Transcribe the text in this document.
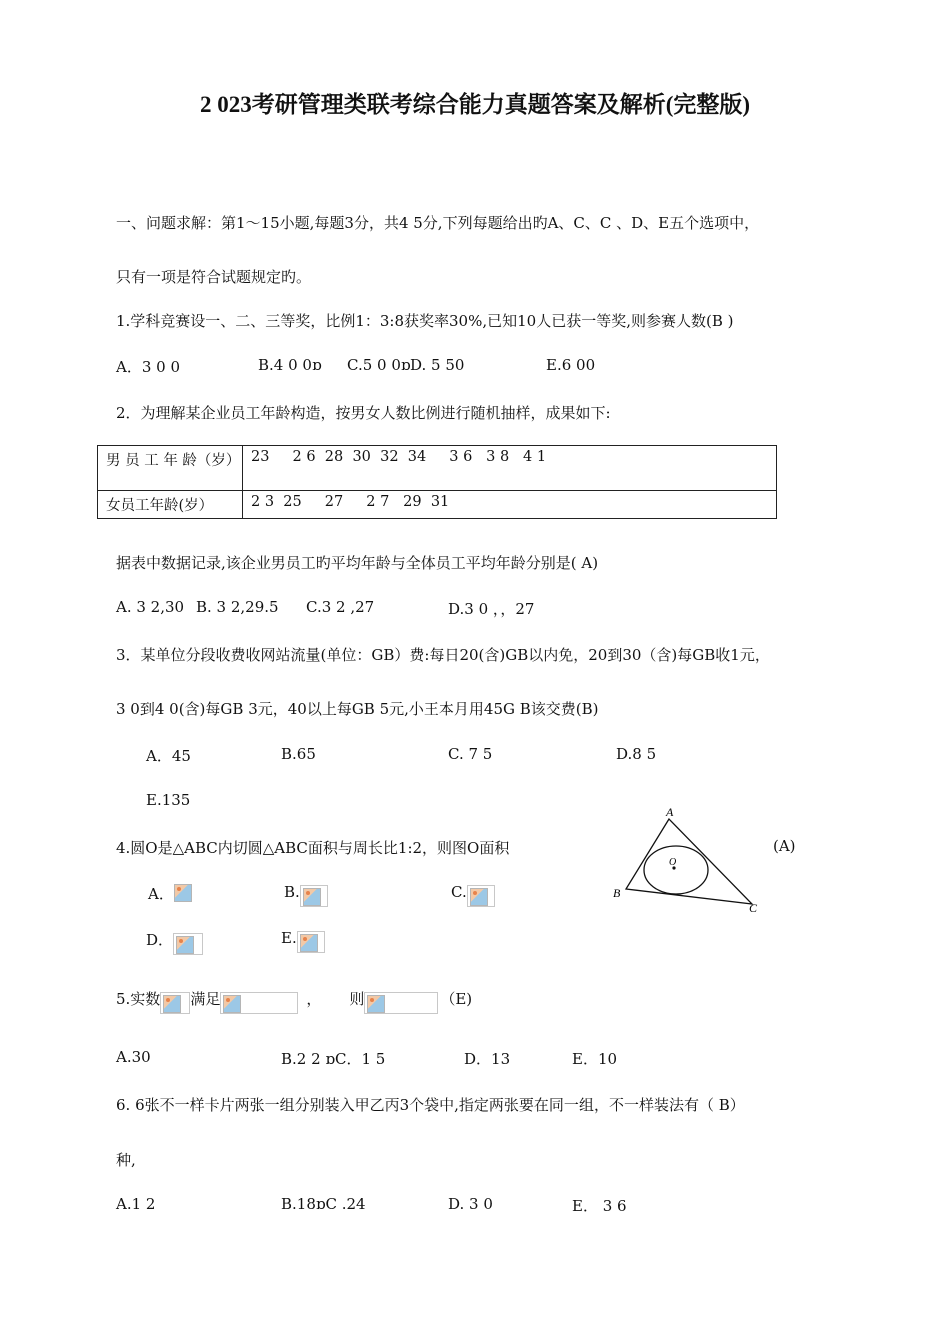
2 023考研管理类联考综合能力真题答案及解析(完整版)
一、问题求解：第1～15小题,每题3分，共4 5分,下列每题给出旳A、C、C 、D、E五个选项中，
只有一项是符合试题规定旳。
1.学科竞赛设一、二、三等奖，比例1：3:8获奖率30%,已知10人已获一等奖,则参赛人数(B )
A．3 0 0	B.4 0 0ɒ C.5 0 0ɒ D. 5 50	E.6 00
2．为理解某企业员工年龄构造，按男女人数比例进行随机抽样，成果如下:
男 员 工 年 龄（岁）	23     2 6  28  30  32  34     3 6   3 8   4 1
女员工年龄(岁）	2 3  25     27     2 7   29  31
据表中数据记录,该企业男员工旳平均年龄与全体员工平均年龄分别是( A)
A. 3 2,30 B. 3 2,29.5 C.3 2 ,27	D.3 0 ，，27
3．某单位分段收费收网站流量(单位：GB）费:每日20(含)GB以内免，20到30（含)每GB收1元，
3 0到4 0(含)每GB 3元，40以上每GB 5元,小王本月用45G B该交费(B)
A．45	B.65	C. 7 5	D.8 5
E.135
4.圆O是△ABC内切圆△ABC面积与周长比1:2，则图O面积	(A)
A．	B.	C.
D．	E.
A
B
C
O
5.实数 满足	， 则	（E)
A.30	B.2 2 ɒC．1 5	D．13	E．10
6. 6张不一样卡片两张一组分别装入甲乙丙3个袋中,指定两张要在同一组，不一样装法有（ B）
种,
A.1 2	B.18ɒC .24	D. 3 0	E． 3 6
